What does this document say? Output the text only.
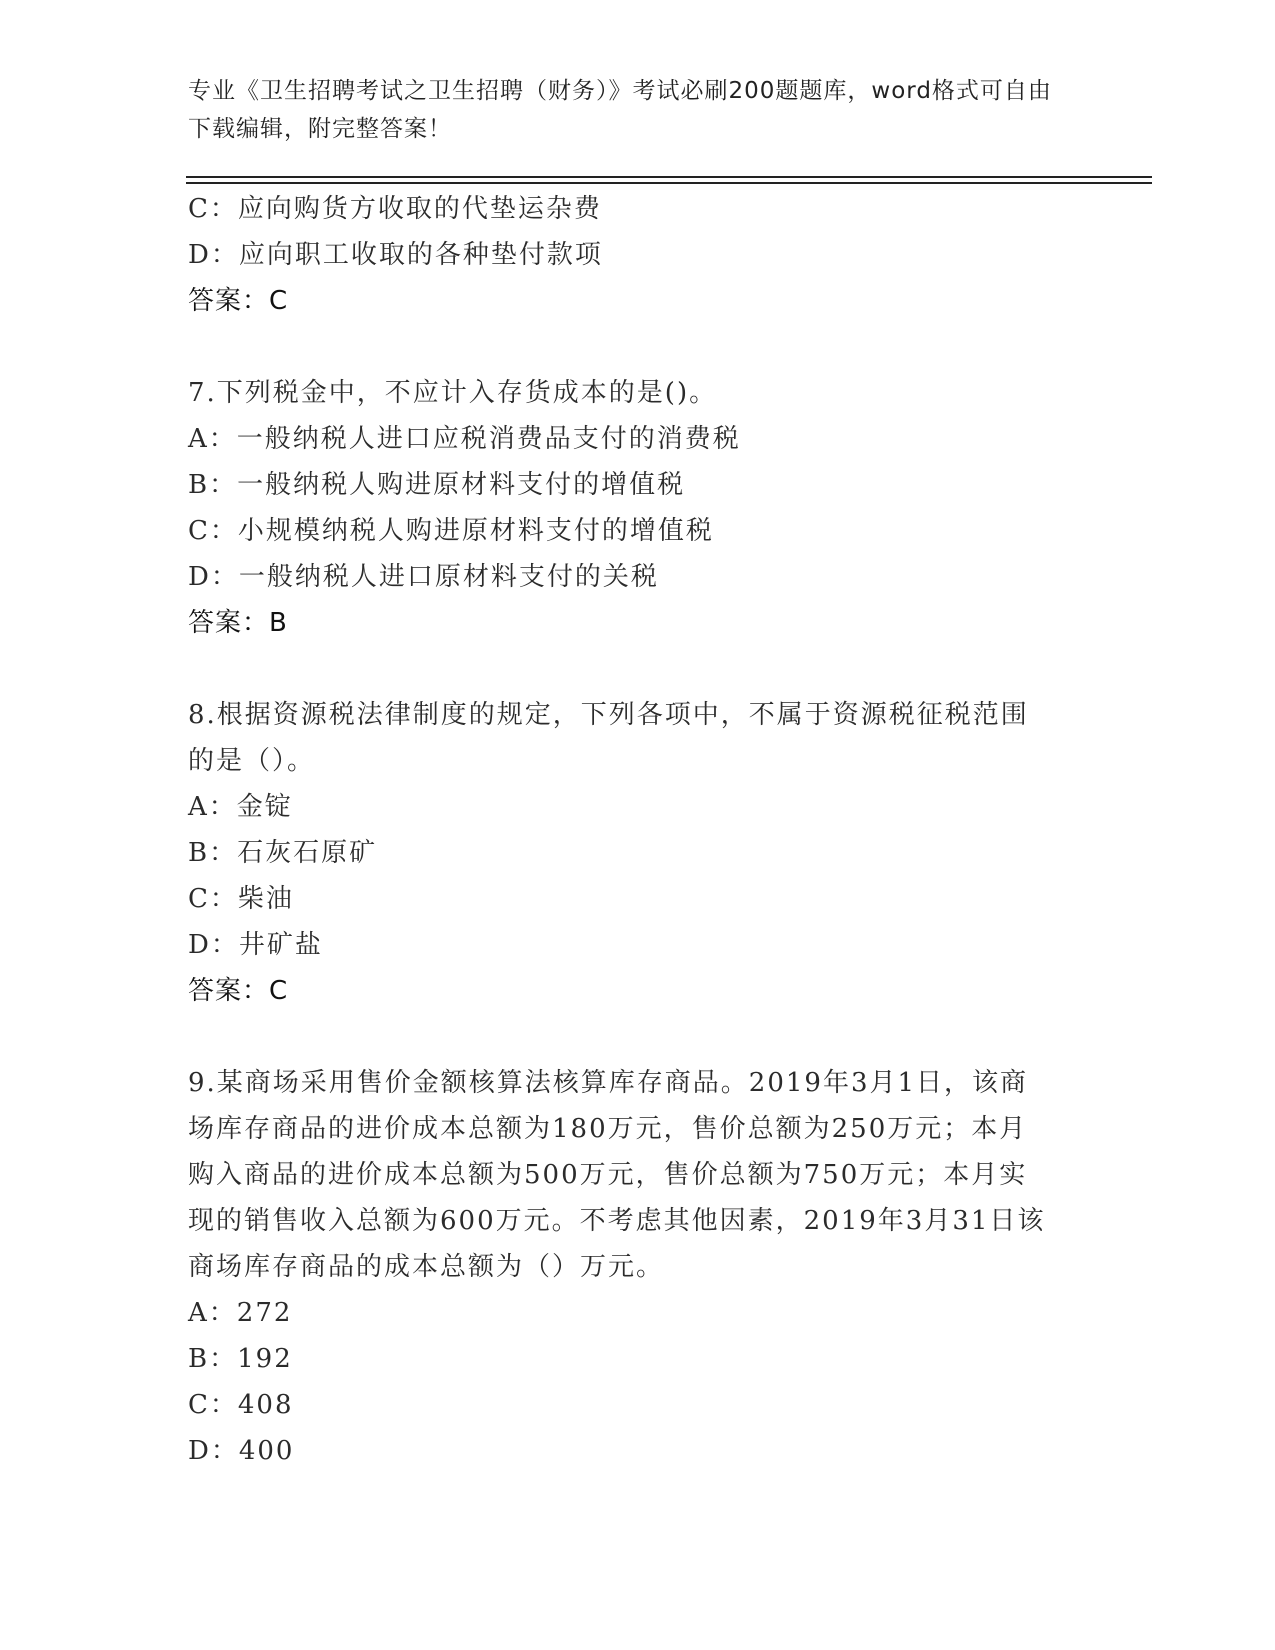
专业《卫生招聘考试之卫生招聘（财务）》考试必刷200题题库，word格式可自由下载编辑，附完整答案！
C：应向购货方收取的代垫运杂费
D：应向职工收取的各种垫付款项
答案：C
7.下列税金中，不应计入存货成本的是()。
A：一般纳税人进口应税消费品支付的消费税
B：一般纳税人购进原材料支付的增值税
C：小规模纳税人购进原材料支付的增值税
D：一般纳税人进口原材料支付的关税
答案：B
8.根据资源税法律制度的规定，下列各项中，不属于资源税征税范围
的是（）。
A：金锭
B：石灰石原矿
C：柴油
D：井矿盐
答案：C
9.某商场采用售价金额核算法核算库存商品。2019年3月1日，该商
场库存商品的进价成本总额为180万元，售价总额为250万元；本月
购入商品的进价成本总额为500万元，售价总额为750万元；本月实
现的销售收入总额为600万元。不考虑其他因素，2019年3月31日该
商场库存商品的成本总额为（）万元。
A：272
B：192
C：408
D：400
